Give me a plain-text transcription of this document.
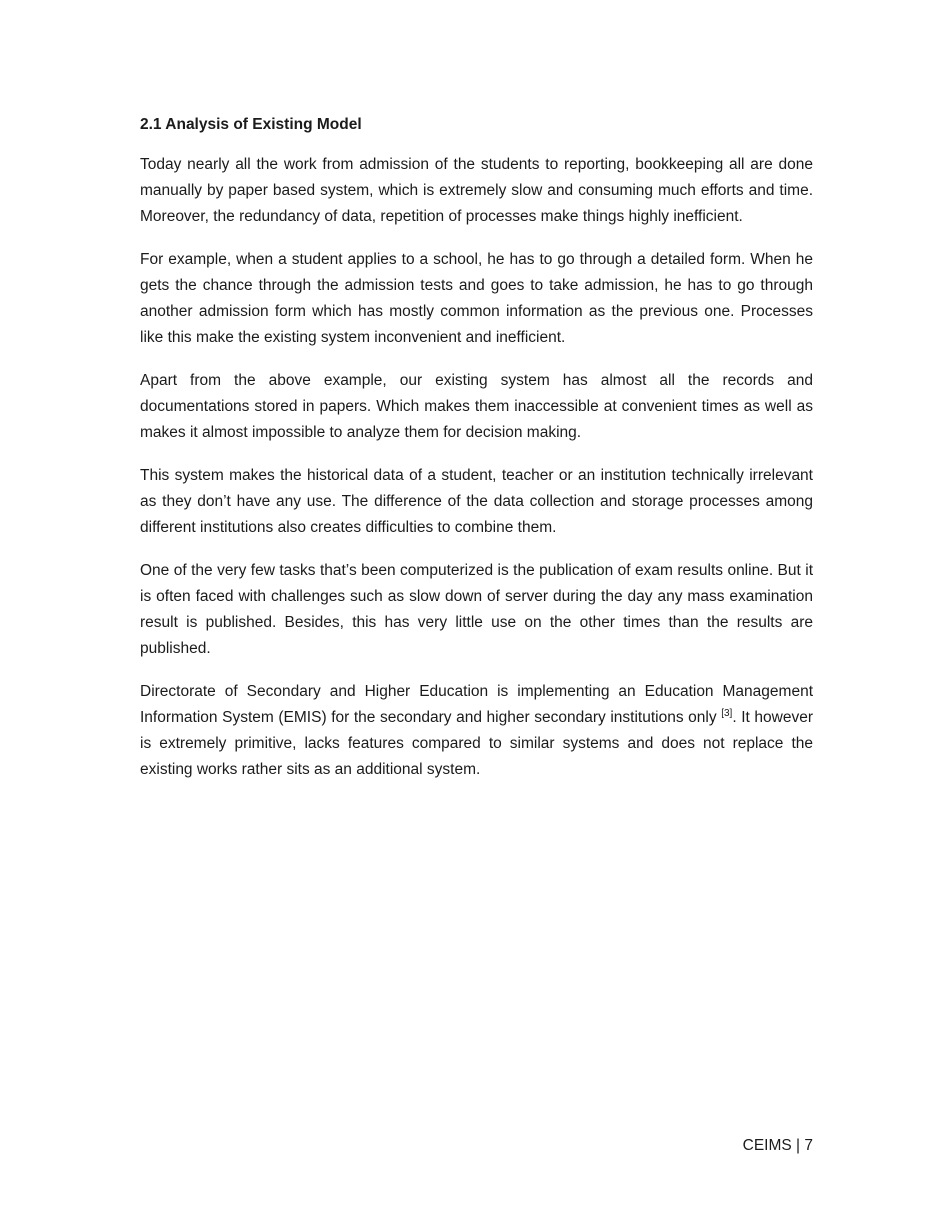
2.1 Analysis of Existing Model

Today nearly all the work from admission of the students to reporting, bookkeeping all are done manually by paper based system, which is extremely slow and consuming much efforts and time. Moreover, the redundancy of data, repetition of processes make things highly inefficient.

For example, when a student applies to a school, he has to go through a detailed form. When he gets the chance through the admission tests and goes to take admission, he has to go through another admission form which has mostly common information as the previous one. Processes like this make the existing system inconvenient and inefficient.

Apart from the above example, our existing system has almost all the records and documentations stored in papers. Which makes them inaccessible at convenient times as well as makes it almost impossible to analyze them for decision making.

This system makes the historical data of a student, teacher or an institution technically irrelevant as they don’t have any use. The difference of the data collection and storage processes among different institutions also creates difficulties to combine them.

One of the very few tasks that’s been computerized is the publication of exam results online. But it is often faced with challenges such as slow down of server during the day any mass examination result is published. Besides, this has very little use on the other times than the results are published.

Directorate of Secondary and Higher Education is implementing an Education Management Information System (EMIS) for the secondary and higher secondary institutions only [3]. It however is extremely primitive, lacks features compared to similar systems and does not replace the existing works rather sits as an additional system.

CEIMS | 7
